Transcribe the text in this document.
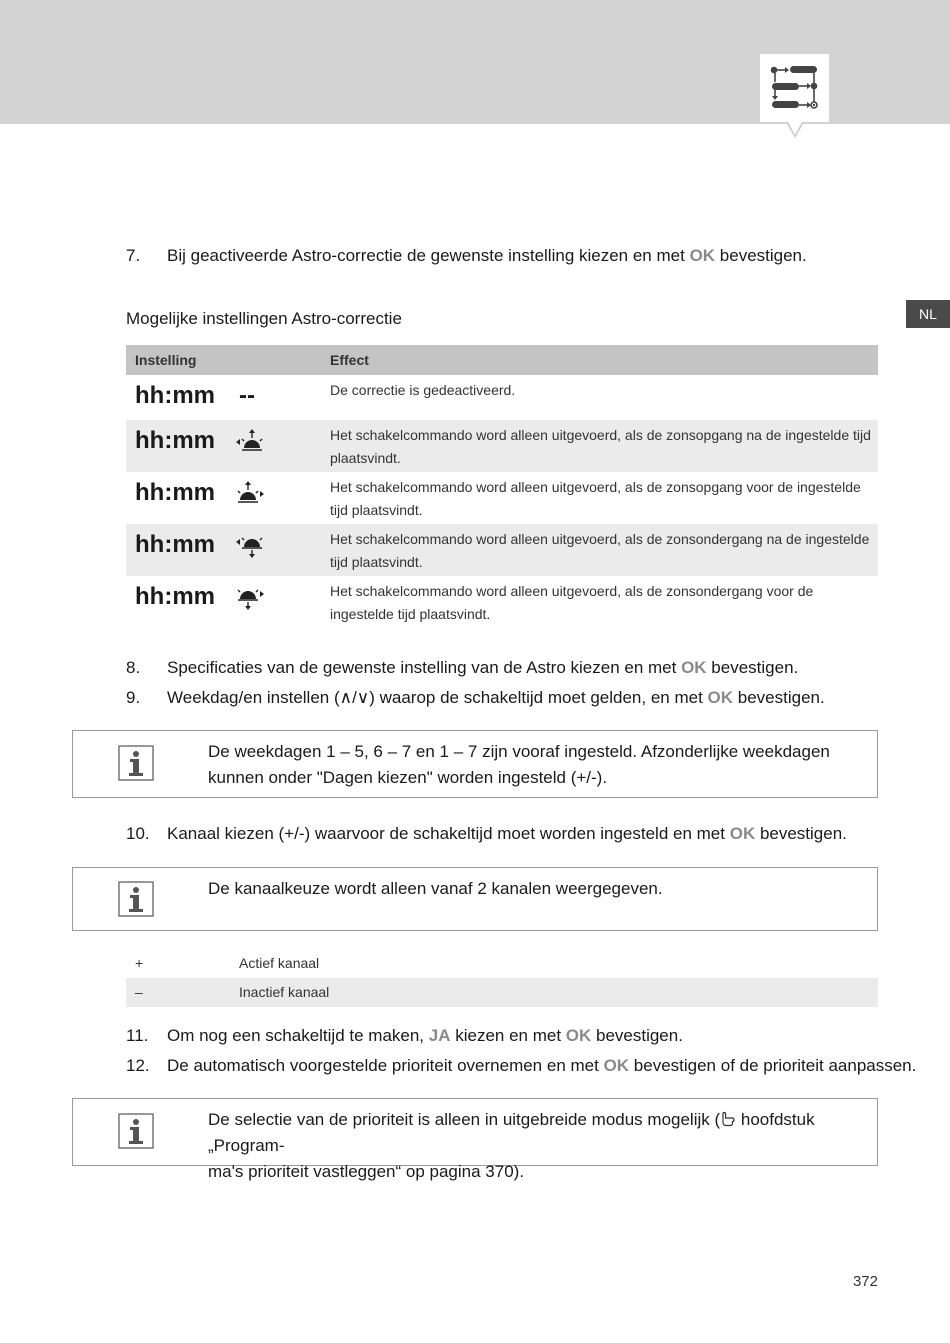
NL
7. Bij geactiveerde Astro-correctie de gewenste instelling kiezen en met OK bevestigen.
Mogelijke instellingen Astro-correctie
Instelling	Effect
hh:mm --	De correctie is gedeactiveerd.
hh:mm	Het schakelcommando word alleen uitgevoerd, als de zonsopgang na de ingestelde tijd plaatsvindt.
hh:mm	Het schakelcommando word alleen uitgevoerd, als de zonsopgang voor de ingestelde tijd plaatsvindt.
hh:mm	Het schakelcommando word alleen uitgevoerd, als de zonsondergang na de ingestelde tijd plaatsvindt.
hh:mm	Het schakelcommando word alleen uitgevoerd, als de zonsondergang voor de ingestelde tijd plaatsvindt.
8. Specificaties van de gewenste instelling van de Astro kiezen en met OK bevestigen.
9. Weekdag/en instellen (∧/∨) waarop de schakeltijd moet gelden, en met OK bevestigen.
De weekdagen 1 – 5, 6 – 7 en 1 – 7 zijn vooraf ingesteld. Afzonderlijke weekdagen kunnen onder "Dagen kiezen" worden ingesteld (+/-).
10. Kanaal kiezen (+/-) waarvoor de schakeltijd moet worden ingesteld en met OK bevestigen.
De kanaalkeuze wordt alleen vanaf 2 kanalen weergegeven.
+	Actief kanaal
–	Inactief kanaal
11. Om nog een schakeltijd te maken, JA kiezen en met OK bevestigen.
12. De automatisch voorgestelde prioriteit overnemen en met OK bevestigen of de prioriteit aanpassen.
De selectie van de prioriteit is alleen in uitgebreide modus mogelijk ( hoofdstuk „Program-
ma's prioriteit vastleggen“ op pagina 370).
372
